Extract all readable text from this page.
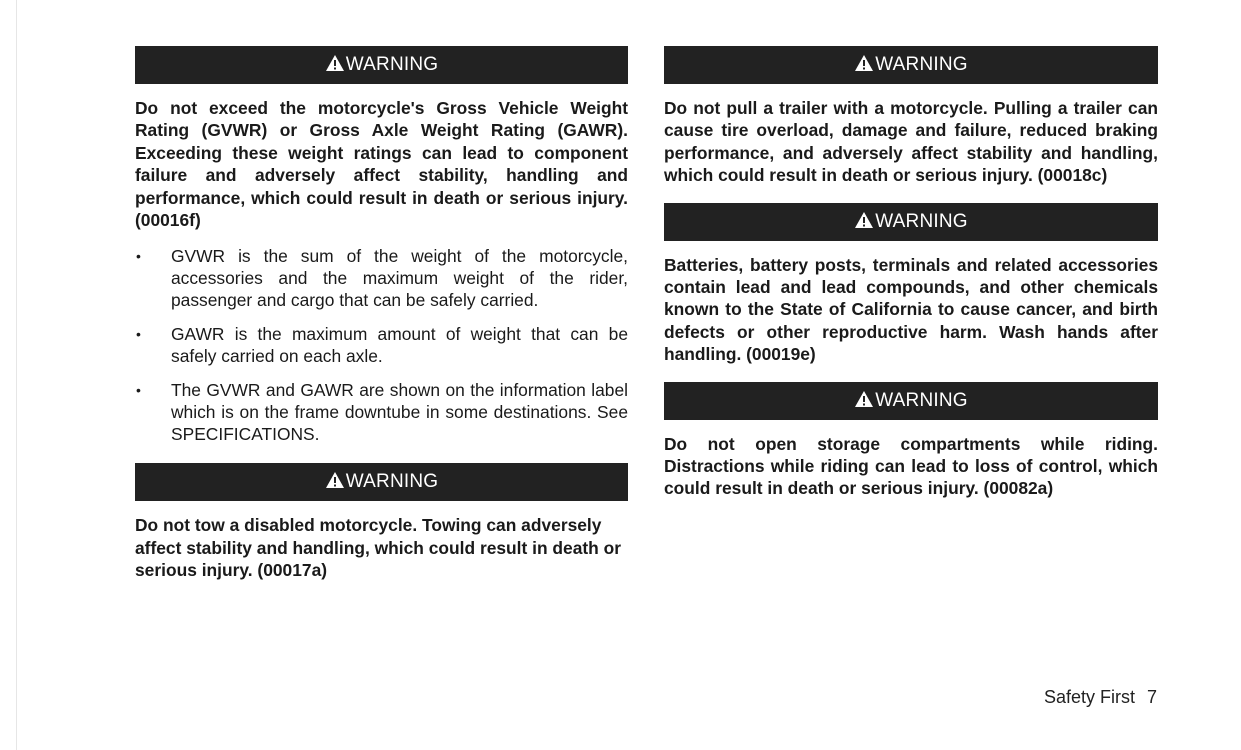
WARNING

Do not exceed the motorcycle's Gross Vehicle Weight Rating (GVWR) or Gross Axle Weight Rating (GAWR). Exceeding these weight ratings can lead to component failure and adversely affect stability, handling and performance, which could result in death or serious injury. (00016f)

• GVWR is the sum of the weight of the motorcycle, accessories and the maximum weight of the rider, passenger and cargo that can be safely carried.
• GAWR is the maximum amount of weight that can be safely carried on each axle.
• The GVWR and GAWR are shown on the information label which is on the frame downtube in some destinations. See SPECIFICATIONS.
WARNING

Do not tow a disabled motorcycle. Towing can adversely affect stability and handling, which could result in death or serious injury. (00017a)

WARNING

Do not pull a trailer with a motorcycle. Pulling a trailer can cause tire overload, damage and failure, reduced braking performance, and adversely affect stability and handling, which could result in death or serious injury. (00018c)

WARNING

Batteries, battery posts, terminals and related accessories contain lead and lead compounds, and other chemicals known to the State of California to cause cancer, and birth defects or other reproductive harm. Wash hands after handling. (00019e)

WARNING

Do not open storage compartments while riding. Distractions while riding can lead to loss of control, which could result in death or serious injury. (00082a)

Safety First 7
